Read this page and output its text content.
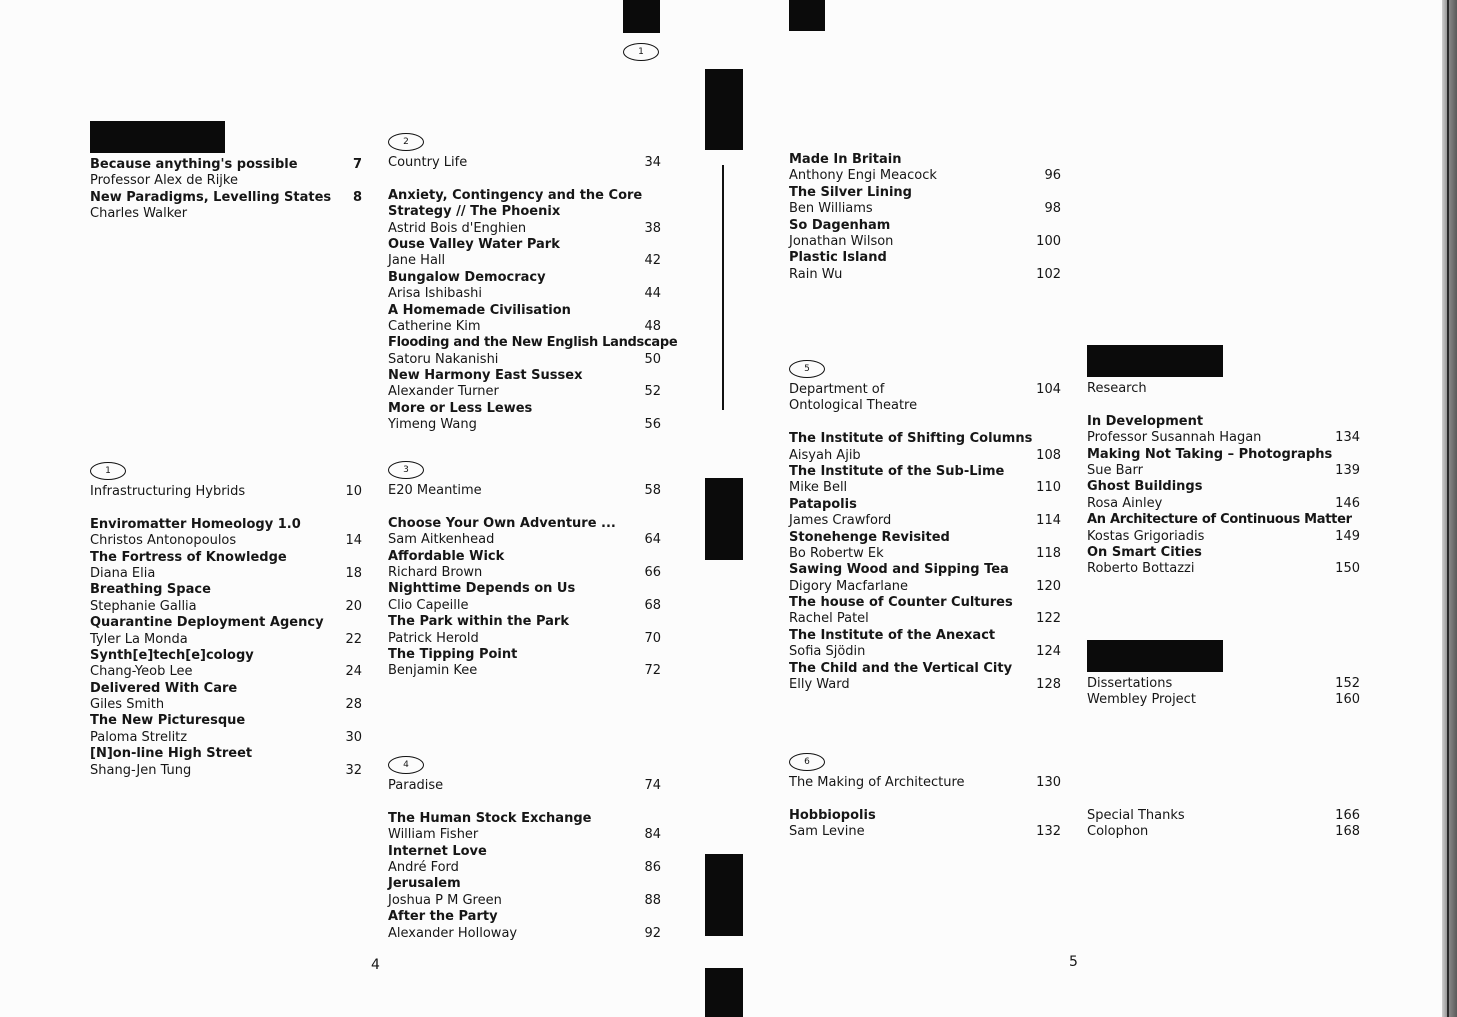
1
Because anything's possible	7
Professor Alex de Rijke
New Paradigms, Levelling States 8
Charles Walker
1
Infrastructuring Hybrids	10
Enviromatter Homeology 1.0
Christos Antonopoulos	14
The Fortress of Knowledge
Diana Elia	18
Breathing Space
Stephanie Gallia	20
Quarantine Deployment Agency
Tyler La Monda	22
Synth[e]tech[e]cology
Chang-Yeob Lee	24
Delivered With Care
Giles Smith	28
The New Picturesque
Paloma Strelitz	30
[N]on-line High Street
Shang-Jen Tung	32
2
Country Life	34
Anxiety, Contingency and the Core
Strategy // The Phoenix
Astrid Bois d'Enghien	38
Ouse Valley Water Park
Jane Hall	42
Bungalow Democracy
Arisa Ishibashi	44
A Homemade Civilisation
Catherine Kim	48
Flooding and the New English Landscape
Satoru Nakanishi	50
New Harmony East Sussex
Alexander Turner	52
More or Less Lewes
Yimeng Wang	56
3
E20 Meantime	58
Choose Your Own Adventure ...
Sam Aitkenhead	64
Affordable Wick
Richard Brown	66
Nighttime Depends on Us
Clio Capeille	68
The Park within the Park
Patrick Herold	70
The Tipping Point
Benjamin Kee	72
4
Paradise	74
The Human Stock Exchange
William Fisher	84
Internet Love
André Ford	86
Jerusalem
Joshua P M Green	88
After the Party
Alexander Holloway	92
4
Made In Britain
Anthony Engi Meacock	96
The Silver Lining
Ben Williams	98
So Dagenham
Jonathan Wilson	100
Plastic Island
Rain Wu	102
5
Department of	104
Ontological Theatre
The Institute of Shifting Columns
Aisyah Ajib	108
The Institute of the Sub-Lime
Mike Bell	110
Patapolis
James Crawford	114
Stonehenge Revisited
Bo Robertw Ek	118
Sawing Wood and Sipping Tea
Digory Macfarlane	120
The house of Counter Cultures
Rachel Patel	122
The Institute of the Anexact
Sofia Sjödin	124
The Child and the Vertical City
Elly Ward	128
6
The Making of Architecture	130
Hobbiopolis
Sam Levine	132
Research
In Development
Professor Susannah Hagan	134
Making Not Taking – Photographs
Sue Barr	139
Ghost Buildings
Rosa Ainley	146
An Architecture of Continuous Matter
Kostas Grigoriadis	149
On Smart Cities
Roberto Bottazzi	150
Dissertations	152
Wembley Project	160
Special Thanks	166
Colophon	168
5
